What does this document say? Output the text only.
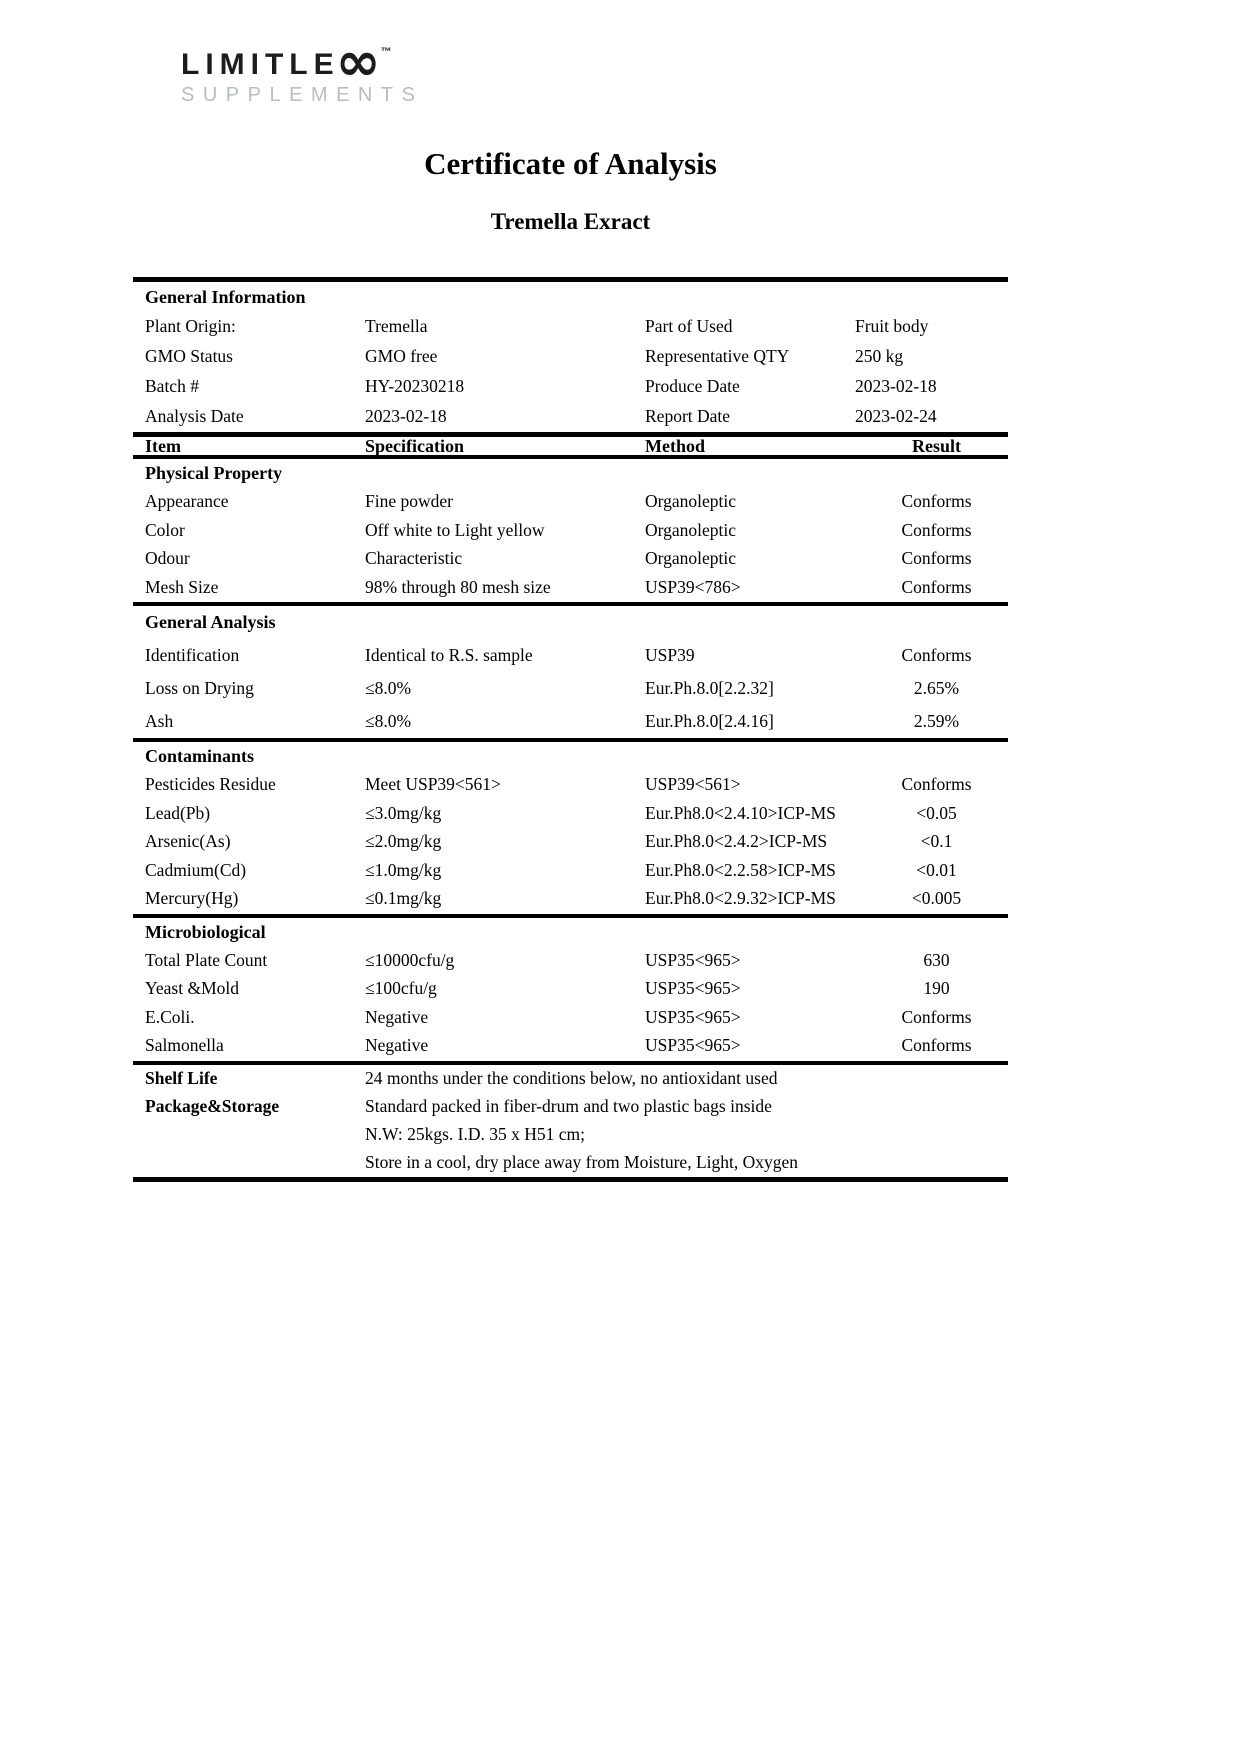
LIMITLE
∞ ™
SUPPLEMENTS
Certificate of Analysis
Tremella Exract
General Information
Plant Origin:	Tremella	Part of Used	Fruit body
GMO Status	GMO free	Representative QTY	250 kg
Batch #	HY-20230218	Produce Date	2023-02-18
Analysis Date	2023-02-18	Report Date	2023-02-24
Item	Specification	Method	Result
Physical Property
Appearance	Fine powder	Organoleptic	Conforms
Color	Off white to Light yellow	Organoleptic	Conforms
Odour	Characteristic	Organoleptic	Conforms
Mesh Size	98% through 80 mesh size	USP39<786>	Conforms
General Analysis
Identification	Identical to R.S. sample	USP39	Conforms
Loss on Drying	≤8.0%	Eur.Ph.8.0[2.2.32]	2.65%
Ash	≤8.0%	Eur.Ph.8.0[2.4.16]	2.59%
Contaminants
Pesticides Residue	Meet USP39<561>	USP39<561>	Conforms
Lead(Pb)	≤3.0mg/kg	Eur.Ph8.0<2.4.10>ICP-MS	<0.05
Arsenic(As)	≤2.0mg/kg	Eur.Ph8.0<2.4.2>ICP-MS	<0.1
Cadmium(Cd)	≤1.0mg/kg	Eur.Ph8.0<2.2.58>ICP-MS	<0.01
Mercury(Hg)	≤0.1mg/kg	Eur.Ph8.0<2.9.32>ICP-MS	<0.005
Microbiological
Total Plate Count	≤10000cfu/g	USP35<965>	630
Yeast &Mold	≤100cfu/g	USP35<965>	190
E.Coli.	Negative	USP35<965>	Conforms
Salmonella	Negative	USP35<965>	Conforms
Shelf Life	24 months under the conditions below, no antioxidant used
Package&Storage	Standard packed in fiber-drum and two plastic bags inside
N.W: 25kgs. I.D. 35 x H51 cm;
Store in a cool, dry place away from Moisture, Light, Oxygen
